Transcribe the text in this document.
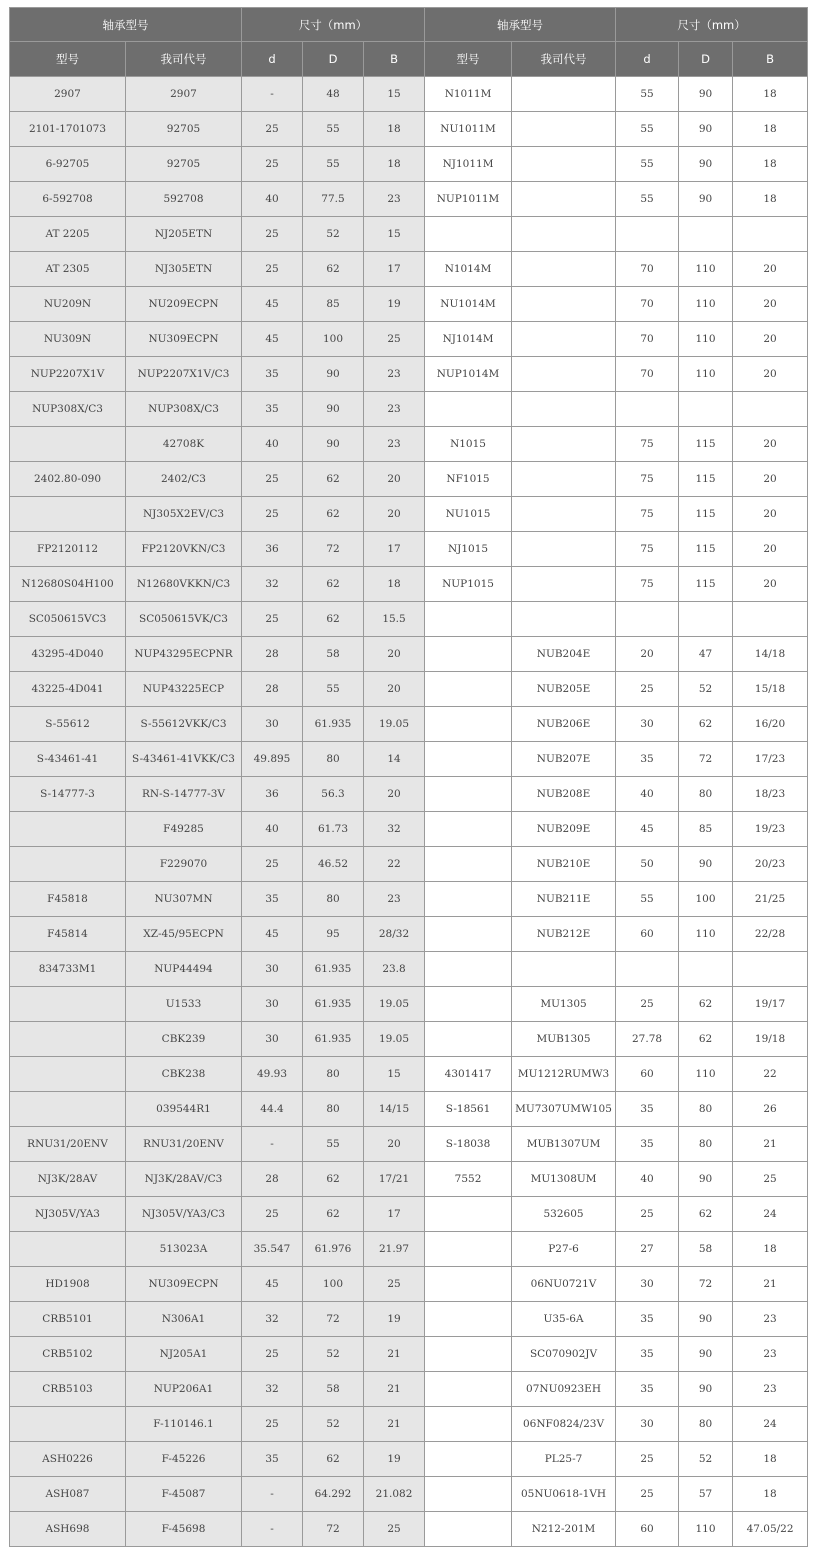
轴承型号		尺寸（mm）			轴承型号		尺寸（mm）		
型号	我司代号	d	D	B	型号	我司代号	d	D	B
2907	2907	-	48	15	N1011M		55	90	18
2101-1701073	92705	25	55	18	NU1011M		55	90	18
6-92705	92705	25	55	18	NJ1011M		55	90	18
6-592708	592708	40	77.5	23	NUP1011M		55	90	18
AT 2205	NJ205ETN	25	52	15					
AT 2305	NJ305ETN	25	62	17	N1014M		70	110	20
NU209N	NU209ECPN	45	85	19	NU1014M		70	110	20
NU309N	NU309ECPN	45	100	25	NJ1014M		70	110	20
NUP2207X1V	NUP2207X1V/C3	35	90	23	NUP1014M		70	110	20
NUP308X/C3	NUP308X/C3	35	90	23					
	42708K	40	90	23	N1015		75	115	20
2402.80-090	2402/C3	25	62	20	NF1015		75	115	20
	NJ305X2EV/C3	25	62	20	NU1015		75	115	20
FP2120112	FP2120VKN/C3	36	72	17	NJ1015		75	115	20
N12680S04H100	N12680VKKN/C3	32	62	18	NUP1015		75	115	20
SC050615VC3	SC050615VK/C3	25	62	15.5					
43295-4D040	NUP43295ECPNR	28	58	20		NUB204E	20	47	14/18
43225-4D041	NUP43225ECP	28	55	20		NUB205E	25	52	15/18
S-55612	S-55612VKK/C3	30	61.935	19.05		NUB206E	30	62	16/20
S-43461-41	S-43461-41VKK/C3	49.895	80	14		NUB207E	35	72	17/23
S-14777-3	RN-S-14777-3V	36	56.3	20		NUB208E	40	80	18/23
	F49285	40	61.73	32		NUB209E	45	85	19/23
	F229070	25	46.52	22		NUB210E	50	90	20/23
F45818	NU307MN	35	80	23		NUB211E	55	100	21/25
F45814	XZ-45/95ECPN	45	95	28/32		NUB212E	60	110	22/28
834733M1	NUP44494	30	61.935	23.8					
	U1533	30	61.935	19.05		MU1305	25	62	19/17
	CBK239	30	61.935	19.05		MUB1305	27.78	62	19/18
	CBK238	49.93	80	15	4301417	MU1212RUMW3	60	110	22
	039544R1	44.4	80	14/15	S-18561	MU7307UMW105	35	80	26
RNU31/20ENV	RNU31/20ENV	-	55	20	S-18038	MUB1307UM	35	80	21
NJ3K/28AV	NJ3K/28AV/C3	28	62	17/21	7552	MU1308UM	40	90	25
NJ305V/YA3	NJ305V/YA3/C3	25	62	17		532605	25	62	24
	513023A	35.547	61.976	21.97		P27-6	27	58	18
HD1908	NU309ECPN	45	100	25		06NU0721V	30	72	21
CRB5101	N306A1	32	72	19		U35-6A	35	90	23
CRB5102	NJ205A1	25	52	21		SC070902JV	35	90	23
CRB5103	NUP206A1	32	58	21		07NU0923EH	35	90	23
	F-110146.1	25	52	21		06NF0824/23V	30	80	24
ASH0226	F-45226	35	62	19		PL25-7	25	52	18
ASH087	F-45087	-	64.292	21.082		05NU0618-1VH	25	57	18
ASH698	F-45698	-	72	25		N212-201M	60	110	47.05/22
